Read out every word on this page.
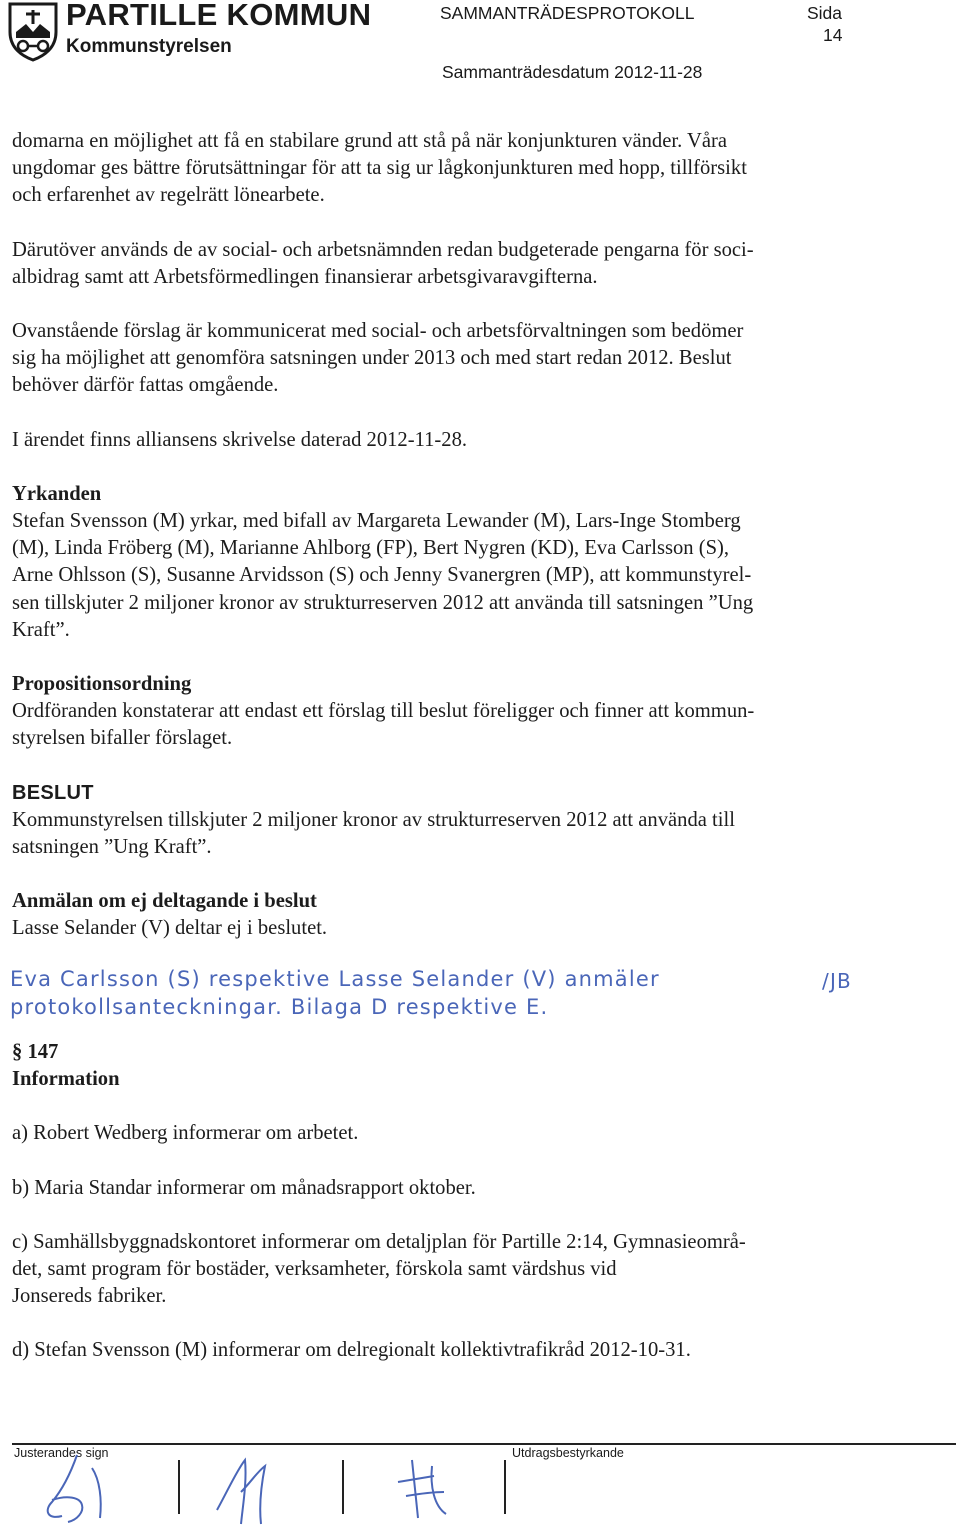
PARTILLE KOMMUN
Kommunstyrelsen
SAMMANTRÄDESPROTOKOLL	Sida
14
Sammanträdesdatum 2012-11-28
domarna en möjlighet att få en stabilare grund att stå på när konjunkturen vänder. Våra
ungdomar ges bättre förutsättningar för att ta sig ur lågkonjunkturen med hopp, tillförsikt
och erfarenhet av regelrätt lönearbete.
Därutöver används de av social- och arbetsnämnden redan budgeterade pengarna för soci-
albidrag samt att Arbetsförmedlingen finansierar arbetsgivaravgifterna.
Ovanstående förslag är kommunicerat med social- och arbetsförvaltningen som bedömer
sig ha möjlighet att genomföra satsningen under 2013 och med start redan 2012. Beslut
behöver därför fattas omgående.
I ärendet finns alliansens skrivelse daterad 2012-11-28.
Yrkanden
Stefan Svensson (M) yrkar, med bifall av Margareta Lewander (M), Lars-Inge Stomberg
(M), Linda Fröberg (M), Marianne Ahlborg (FP), Bert Nygren (KD), Eva Carlsson (S),
Arne Ohlsson (S), Susanne Arvidsson (S) och Jenny Svanergren (MP), att kommunstyrel-
sen tillskjuter 2 miljoner kronor av strukturreserven 2012 att använda till satsningen ”Ung
Kraft”.
Propositionsordning
Ordföranden konstaterar att endast ett förslag till beslut föreligger och finner att kommun-
styrelsen bifaller förslaget.
BESLUT
Kommunstyrelsen tillskjuter 2 miljoner kronor av strukturreserven 2012 att använda till
satsningen ”Ung Kraft”.
Anmälan om ej deltagande i beslut
Lasse Selander (V) deltar ej i beslutet.
Eva Carlsson (S) respektive Lasse Selander (V) anmäler
protokollsanteckningar. Bilaga D respektive E.
/JB
§ 147
Information
a) Robert Wedberg informerar om arbetet.
b) Maria Standar informerar om månadsrapport oktober.
c) Samhällsbyggnadskontoret informerar om detaljplan för Partille 2:14, Gymnasieområ-
det, samt program för bostäder, verksamheter, förskola samt värdshus vid
Jonsereds fabriker.
d) Stefan Svensson (M) informerar om delregionalt kollektivtrafikråd 2012-10-31.
Justerandes sign	Utdragsbestyrkande
